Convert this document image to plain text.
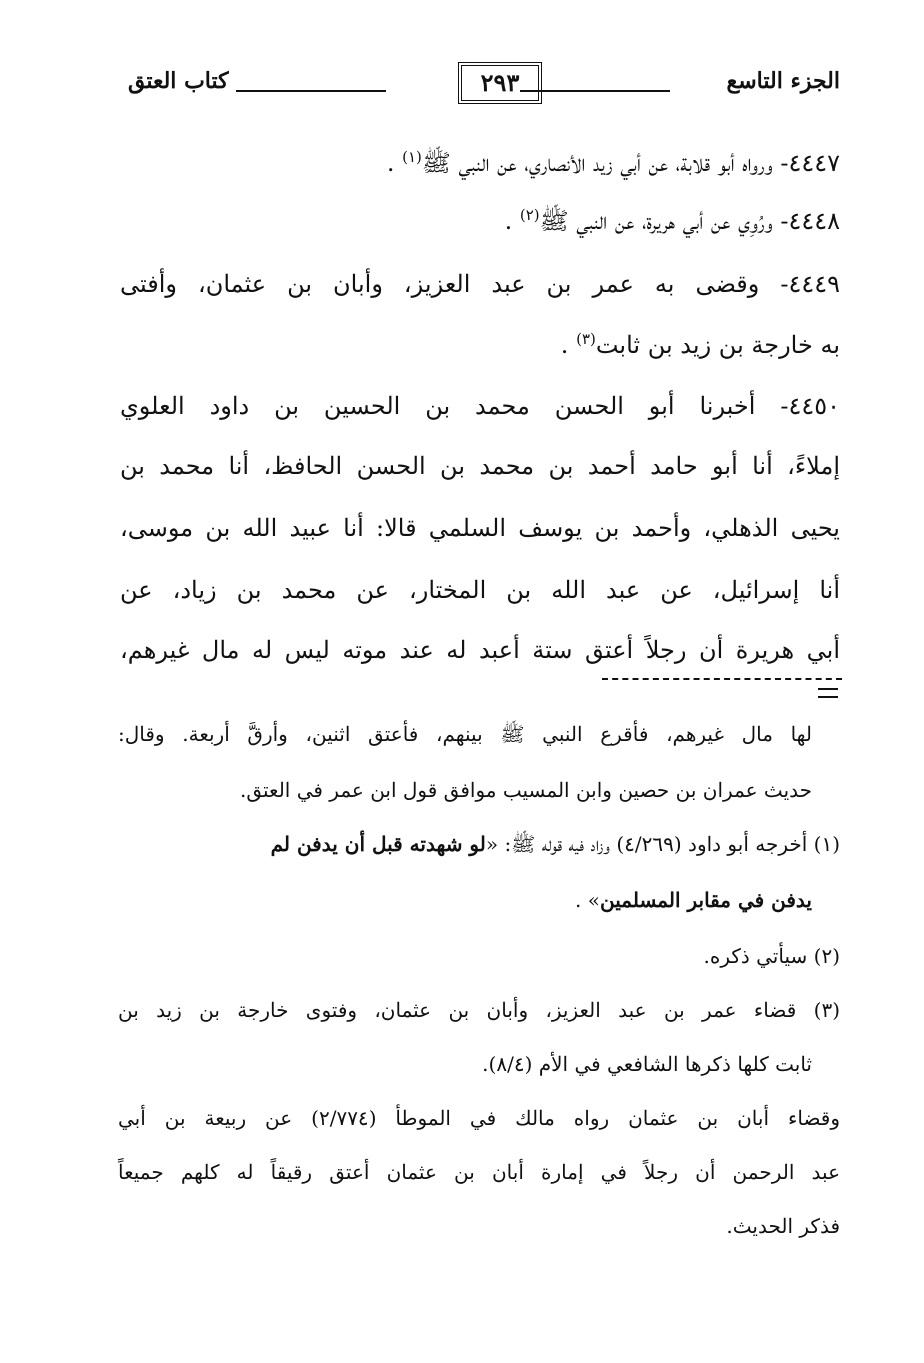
الجزء التاسع
٢٩٣
كتاب العتق
٤٤٤٧- ورواه أبو قلابة، عن أبي زيد الأنصاري، عن النبي ﷺ$^{(١)}$ .
٤٤٤٨- ورُوِي عن أبي هريرة، عن النبي ﷺ$^{(٢)}$ .
٤٤٤٩- وقضى به عمر بن عبد العزيز، وأبان بن عثمان، وأفتى
به خارجة بن زيد بن ثابت$^{(٣)}$ .
٤٤٥٠- أخبرنا أبو الحسن محمد بن الحسين بن داود العلوي
إملاءً، أنا أبو حامد أحمد بن محمد بن الحسن الحافظ، أنا محمد بن
يحيى الذهلي، وأحمد بن يوسف السلمي قالا: أنا عبيد الله بن موسى،
أنا إسرائيل، عن عبد الله بن المختار، عن محمد بن زياد، عن
أبي هريرة أن رجلاً أعتق ستة أعبد له عند موته ليس له مال غيرهم،
لها مال غيرهم، فأقرع النبي ﷺ بينهم، فأعتق اثنين، وأرقَّ أربعة. وقال:
حديث عمران بن حصين وابن المسيب موافق قول ابن عمر في العتق.
(١) أخرجه أبو داود (٤/٢٦٩) وزاد فيه قوله ﷺ: «لو شهدته قبل أن يدفن لم
يدفن في مقابر المسلمين» .
(٢) سيأتي ذكره.
(٣) قضاء عمر بن عبد العزيز، وأبان بن عثمان، وفتوى خارجة بن زيد بن
ثابت كلها ذكرها الشافعي في الأم (٨/٤).
وقضاء أبان بن عثمان رواه مالك في الموطأ (٢/٧٧٤) عن ربيعة بن أبي
عبد الرحمن أن رجلاً في إمارة أبان بن عثمان أعتق رقيقاً له كلهم جميعاً
فذكر الحديث.
